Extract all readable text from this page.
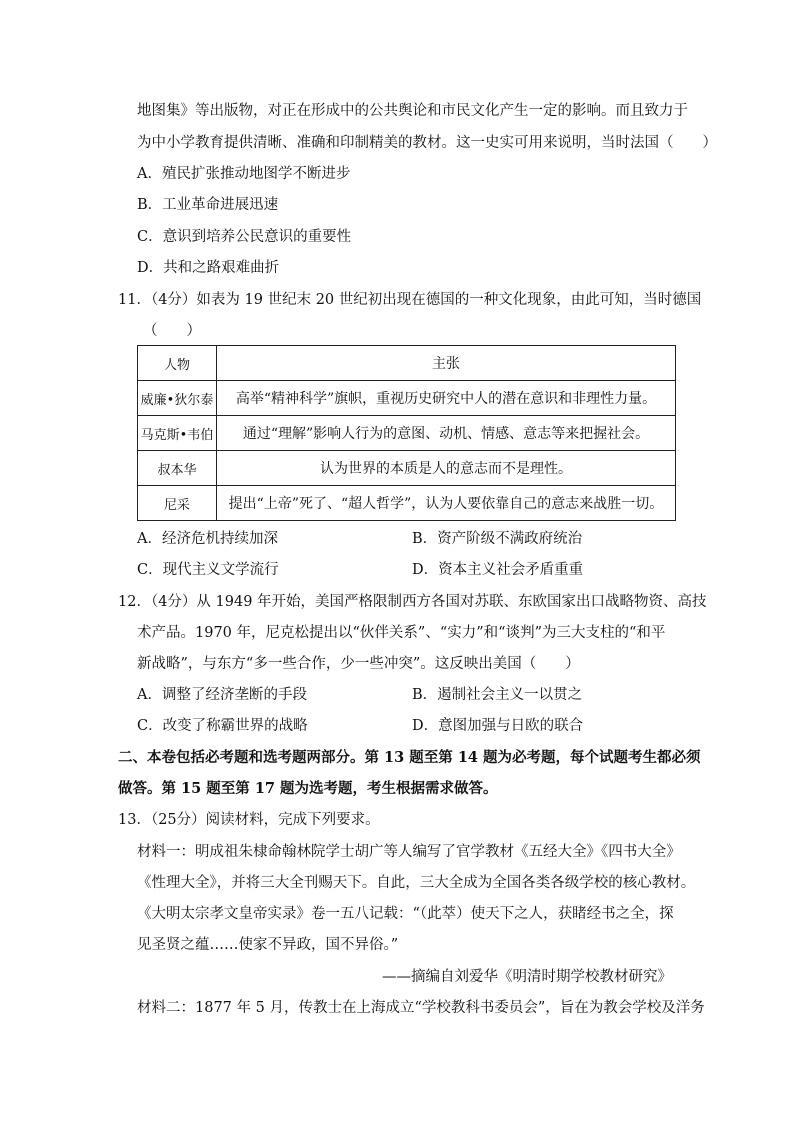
地图集》等出版物，对正在形成中的公共舆论和市民文化产生一定的影响。而且致力于
为中小学教育提供清晰、准确和印制精美的教材。这一史实可用来说明，当时法国（　　）
A．殖民扩张推动地图学不断进步
B．工业革命进展迅速
C．意识到培养公民意识的重要性
D．共和之路艰难曲折
11．（4分）如表为 19 世纪末 20 世纪初出现在德国的一种文化现象，由此可知，当时德国
（　　）
人物	主张
威廉•狄尔泰	高举“精神科学”旗帜，重视历史研究中人的潜在意识和非理性力量。
马克斯•韦伯	通过“理解”影响人行为的意图、动机、情感、意志等来把握社会。
叔本华	认为世界的本质是人的意志而不是理性。
尼采	提出“上帝”死了、“超人哲学”，认为人要依靠自己的意志来战胜一切。
A．经济危机持续加深	B．资产阶级不满政府统治
C．现代主义文学流行	D．资本主义社会矛盾重重
12．（4分）从 1949 年开始，美国严格限制西方各国对苏联、东欧国家出口战略物资、高技
术产品。1970 年，尼克松提出以“伙伴关系”、“实力”和“谈判”为三大支柱的“和平
新战略”，与东方“多一些合作，少一些冲突”。这反映出美国（　　）
A．调整了经济垄断的手段	B．遏制社会主义一以贯之
C．改变了称霸世界的战略	D．意图加强与日欧的联合
二、本卷包括必考题和选考题两部分。第 13 题至第 14 题为必考题，每个试题考生都必须
做答。第 15 题至第 17 题为选考题，考生根据需求做答。
13．（25分）阅读材料，完成下列要求。
材料一：明成祖朱棣命翰林院学士胡广等人编写了官学教材《五经大全》《四书大全》
《性理大全》，并将三大全刊赐天下。自此，三大全成为全国各类各级学校的核心教材。
《大明太宗孝文皇帝实录》卷一五八记载：“（此萃）使天下之人，获睹经书之全，探
见圣贤之蕴……使家不异政，国不异俗。”
——摘编自刘爱华《明清时期学校教材研究》
材料二：1877 年 5 月，传教士在上海成立“学校教科书委员会”，旨在为教会学校及洋务
